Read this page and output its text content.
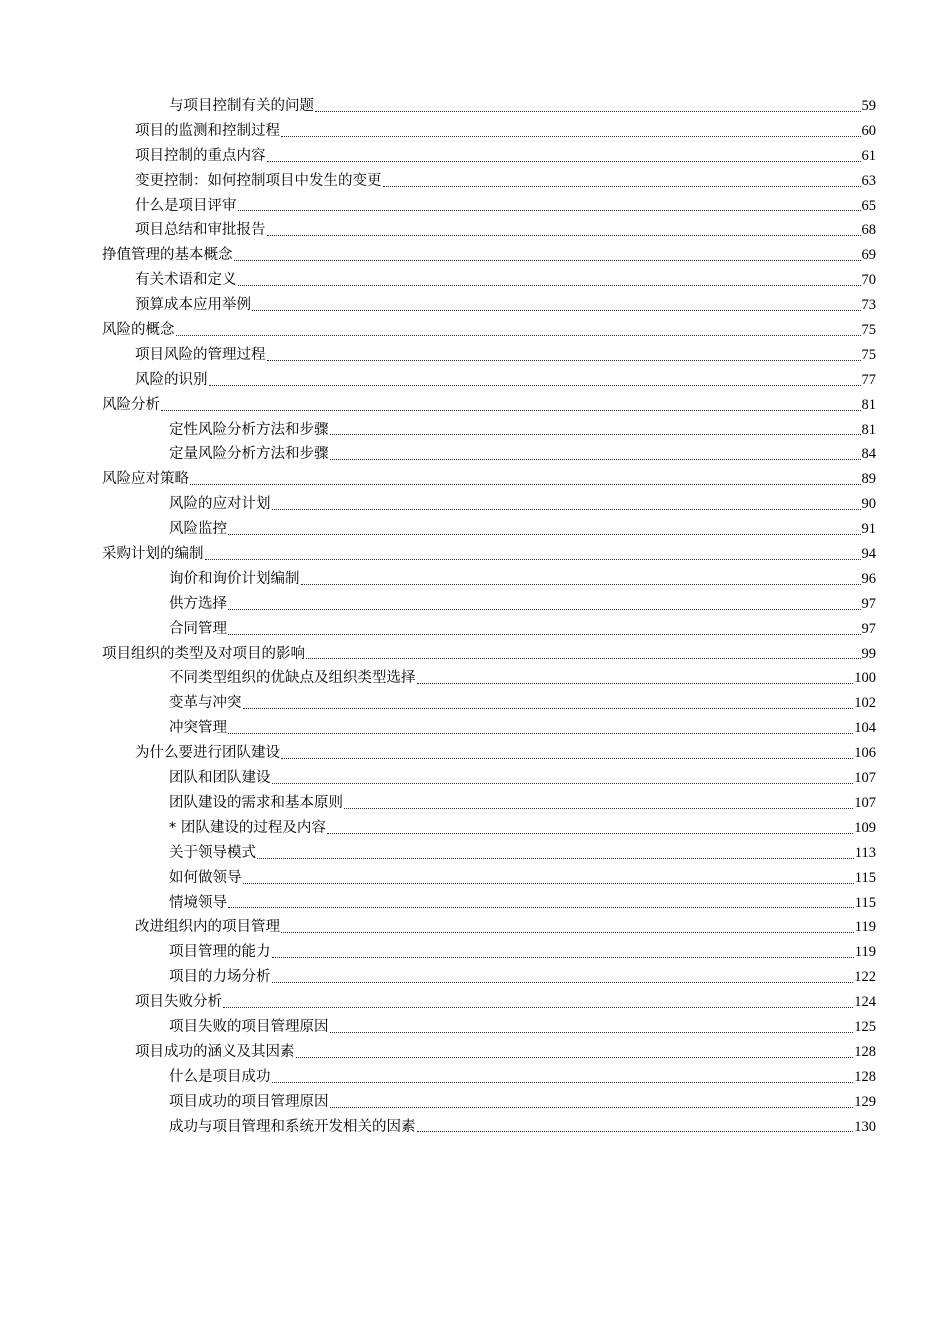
与项目控制有关的问题	59
项目的监测和控制过程	60
项目控制的重点内容	61
变更控制：如何控制项目中发生的变更	63
什么是项目评审	65
项目总结和审批报告	68
挣值管理的基本概念	69
有关术语和定义	70
预算成本应用举例	73
风险的概念	75
项目风险的管理过程	75
风险的识别	77
风险分析	81
定性风险分析方法和步骤	81
定量风险分析方法和步骤	84
风险应对策略	89
风险的应对计划	90
风险监控	91
采购计划的编制	94
询价和询价计划编制	96
供方选择	97
合同管理	97
项目组织的类型及对项目的影响	99
不同类型组织的优缺点及组织类型选择	100
变革与冲突	102
冲突管理	104
为什么要进行团队建设	106
团队和团队建设	107
团队建设的需求和基本原则	107
* 团队建设的过程及内容	109
关于领导模式	113
如何做领导	115
情境领导	115
改进组织内的项目管理	119
项目管理的能力	119
项目的力场分析	122
项目失败分析	124
项目失败的项目管理原因	125
项目成功的涵义及其因素	128
什么是项目成功	128
项目成功的项目管理原因	129
成功与项目管理和系统开发相关的因素	130
